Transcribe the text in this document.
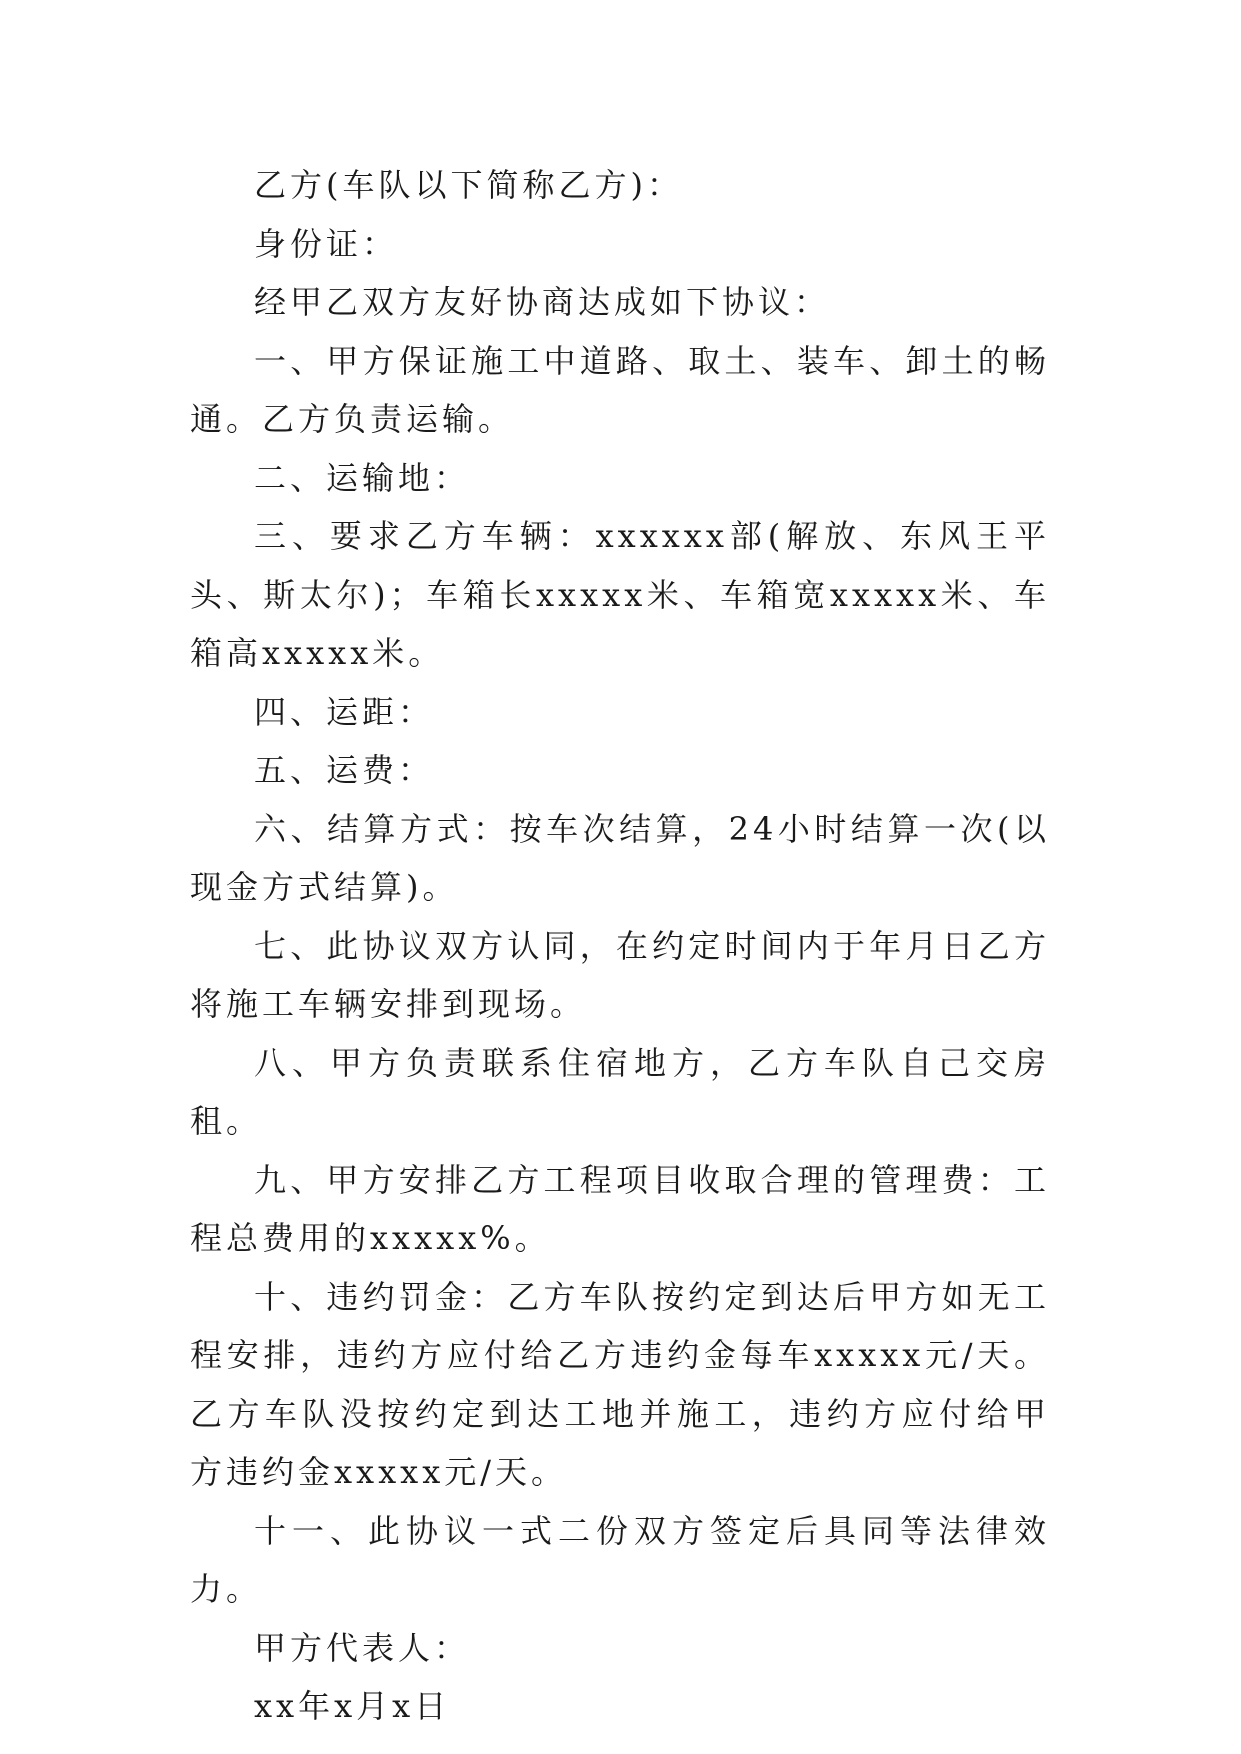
乙方(车队以下简称乙方)：

身份证：

经甲乙双方友好协商达成如下协议：

一、甲方保证施工中道路、取土、装车、卸土的畅通。乙方负责运输。

二、运输地：

三、要求乙方车辆：xxxxxx部(解放、东风王平头、斯太尔)；车箱长xxxxx米、车箱宽xxxxx米、车箱高xxxxx米。

四、运距：

五、运费：

六、结算方式：按车次结算，24小时结算一次(以现金方式结算)。

七、此协议双方认同，在约定时间内于年月日乙方将施工车辆安排到现场。

八、甲方负责联系住宿地方，乙方车队自己交房租。

九、甲方安排乙方工程项目收取合理的管理费：工程总费用的xxxxx%。

十、违约罚金：乙方车队按约定到达后甲方如无工程安排，违约方应付给乙方违约金每车xxxxx元/天。乙方车队没按约定到达工地并施工，违约方应付给甲方违约金xxxxx元/天。

十一、此协议一式二份双方签定后具同等法律效力。

甲方代表人：

xx年x月x日
